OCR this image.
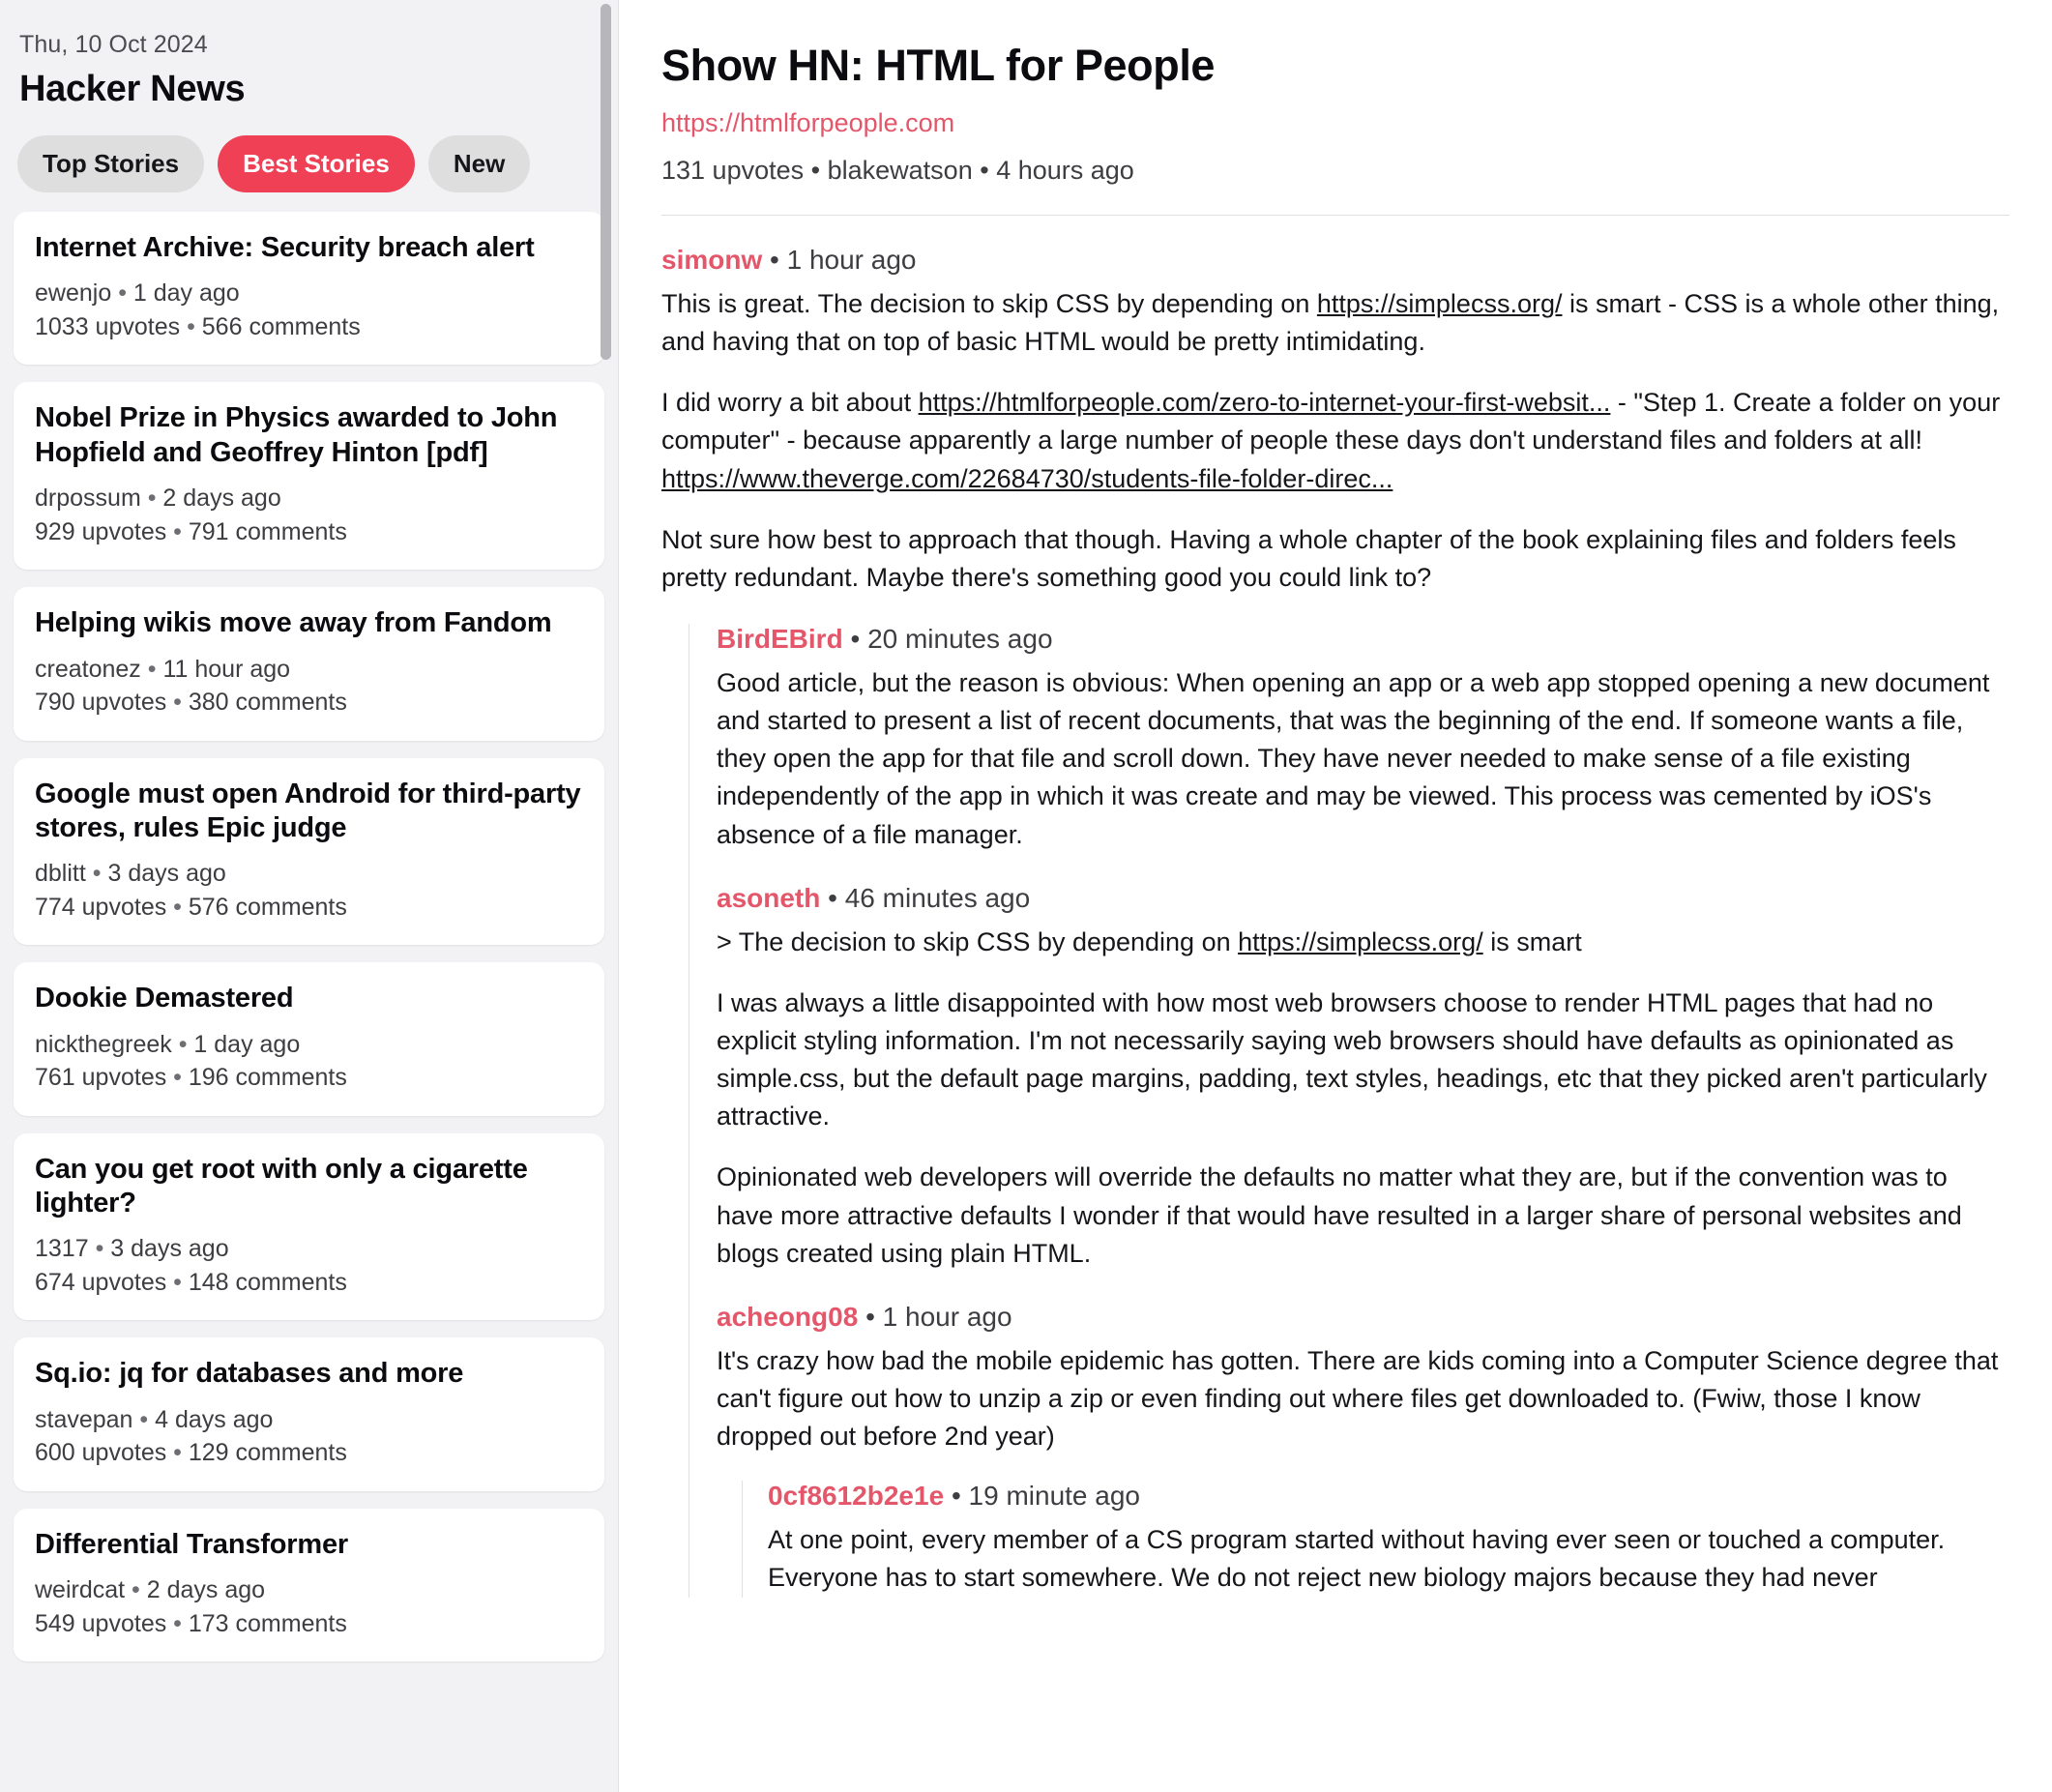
Thu, 10 Oct 2024
Hacker News
Top Stories	Best Stories	New
Internet Archive: Security breach alert
ewenjo • 1 day ago
1033 upvotes • 566 comments
Nobel Prize in Physics awarded to John Hopfield and Geoffrey Hinton [pdf]
drpossum • 2 days ago
929 upvotes • 791 comments
Helping wikis move away from Fandom
creatonez • 11 hour ago
790 upvotes • 380 comments
Google must open Android for third-party stores, rules Epic judge
dblitt • 3 days ago
774 upvotes • 576 comments
Dookie Demastered
nickthegreek • 1 day ago
761 upvotes • 196 comments
Can you get root with only a cigarette lighter?
1317 • 3 days ago
674 upvotes • 148 comments
Sq.io: jq for databases and more
stavepan • 4 days ago
600 upvotes • 129 comments
Differential Transformer
weirdcat • 2 days ago
549 upvotes • 173 comments
Show HN: HTML for People
https://htmlforpeople.com
131 upvotes • blakewatson • 4 hours ago
simonw • 1 hour ago

This is great. The decision to skip CSS by depending on https://simplecss.org/ is smart - CSS is a whole other thing, and having that on top of basic HTML would be pretty intimidating.

I did worry a bit about https://htmlforpeople.com/zero-to-internet-your-first-websit... - "Step 1. Create a folder on your computer" - because apparently a large number of people these days don't understand files and folders at all! https://www.theverge.com/22684730/students-file-folder-direc...

Not sure how best to approach that though. Having a whole chapter of the book explaining files and folders feels pretty redundant. Maybe there's something good you could link to?

BirdEBird • 20 minutes ago

Good article, but the reason is obvious: When opening an app or a web app stopped opening a new document and started to present a list of recent documents, that was the beginning of the end. If someone wants a file, they open the app for that file and scroll down. They have never needed to make sense of a file existing independently of the app in which it was create and may be viewed. This process was cemented by iOS's absence of a file manager.

asoneth • 46 minutes ago

> The decision to skip CSS by depending on https://simplecss.org/ is smart

I was always a little disappointed with how most web browsers choose to render HTML pages that had no explicit styling information. I'm not necessarily saying web browsers should have defaults as opinionated as simple.css, but the default page margins, padding, text styles, headings, etc that they picked aren't particularly attractive.

Opinionated web developers will override the defaults no matter what they are, but if the convention was to have more attractive defaults I wonder if that would have resulted in a larger share of personal websites and blogs created using plain HTML.

acheong08 • 1 hour ago

It's crazy how bad the mobile epidemic has gotten. There are kids coming into a Computer Science degree that can't figure out how to unzip a zip or even finding out where files get downloaded to. (Fwiw, those I know dropped out before 2nd year)

0cf8612b2e1e • 19 minute ago

At one point, every member of a CS program started without having ever seen or touched a computer. Everyone has to start somewhere. We do not reject new biology majors because they had never
